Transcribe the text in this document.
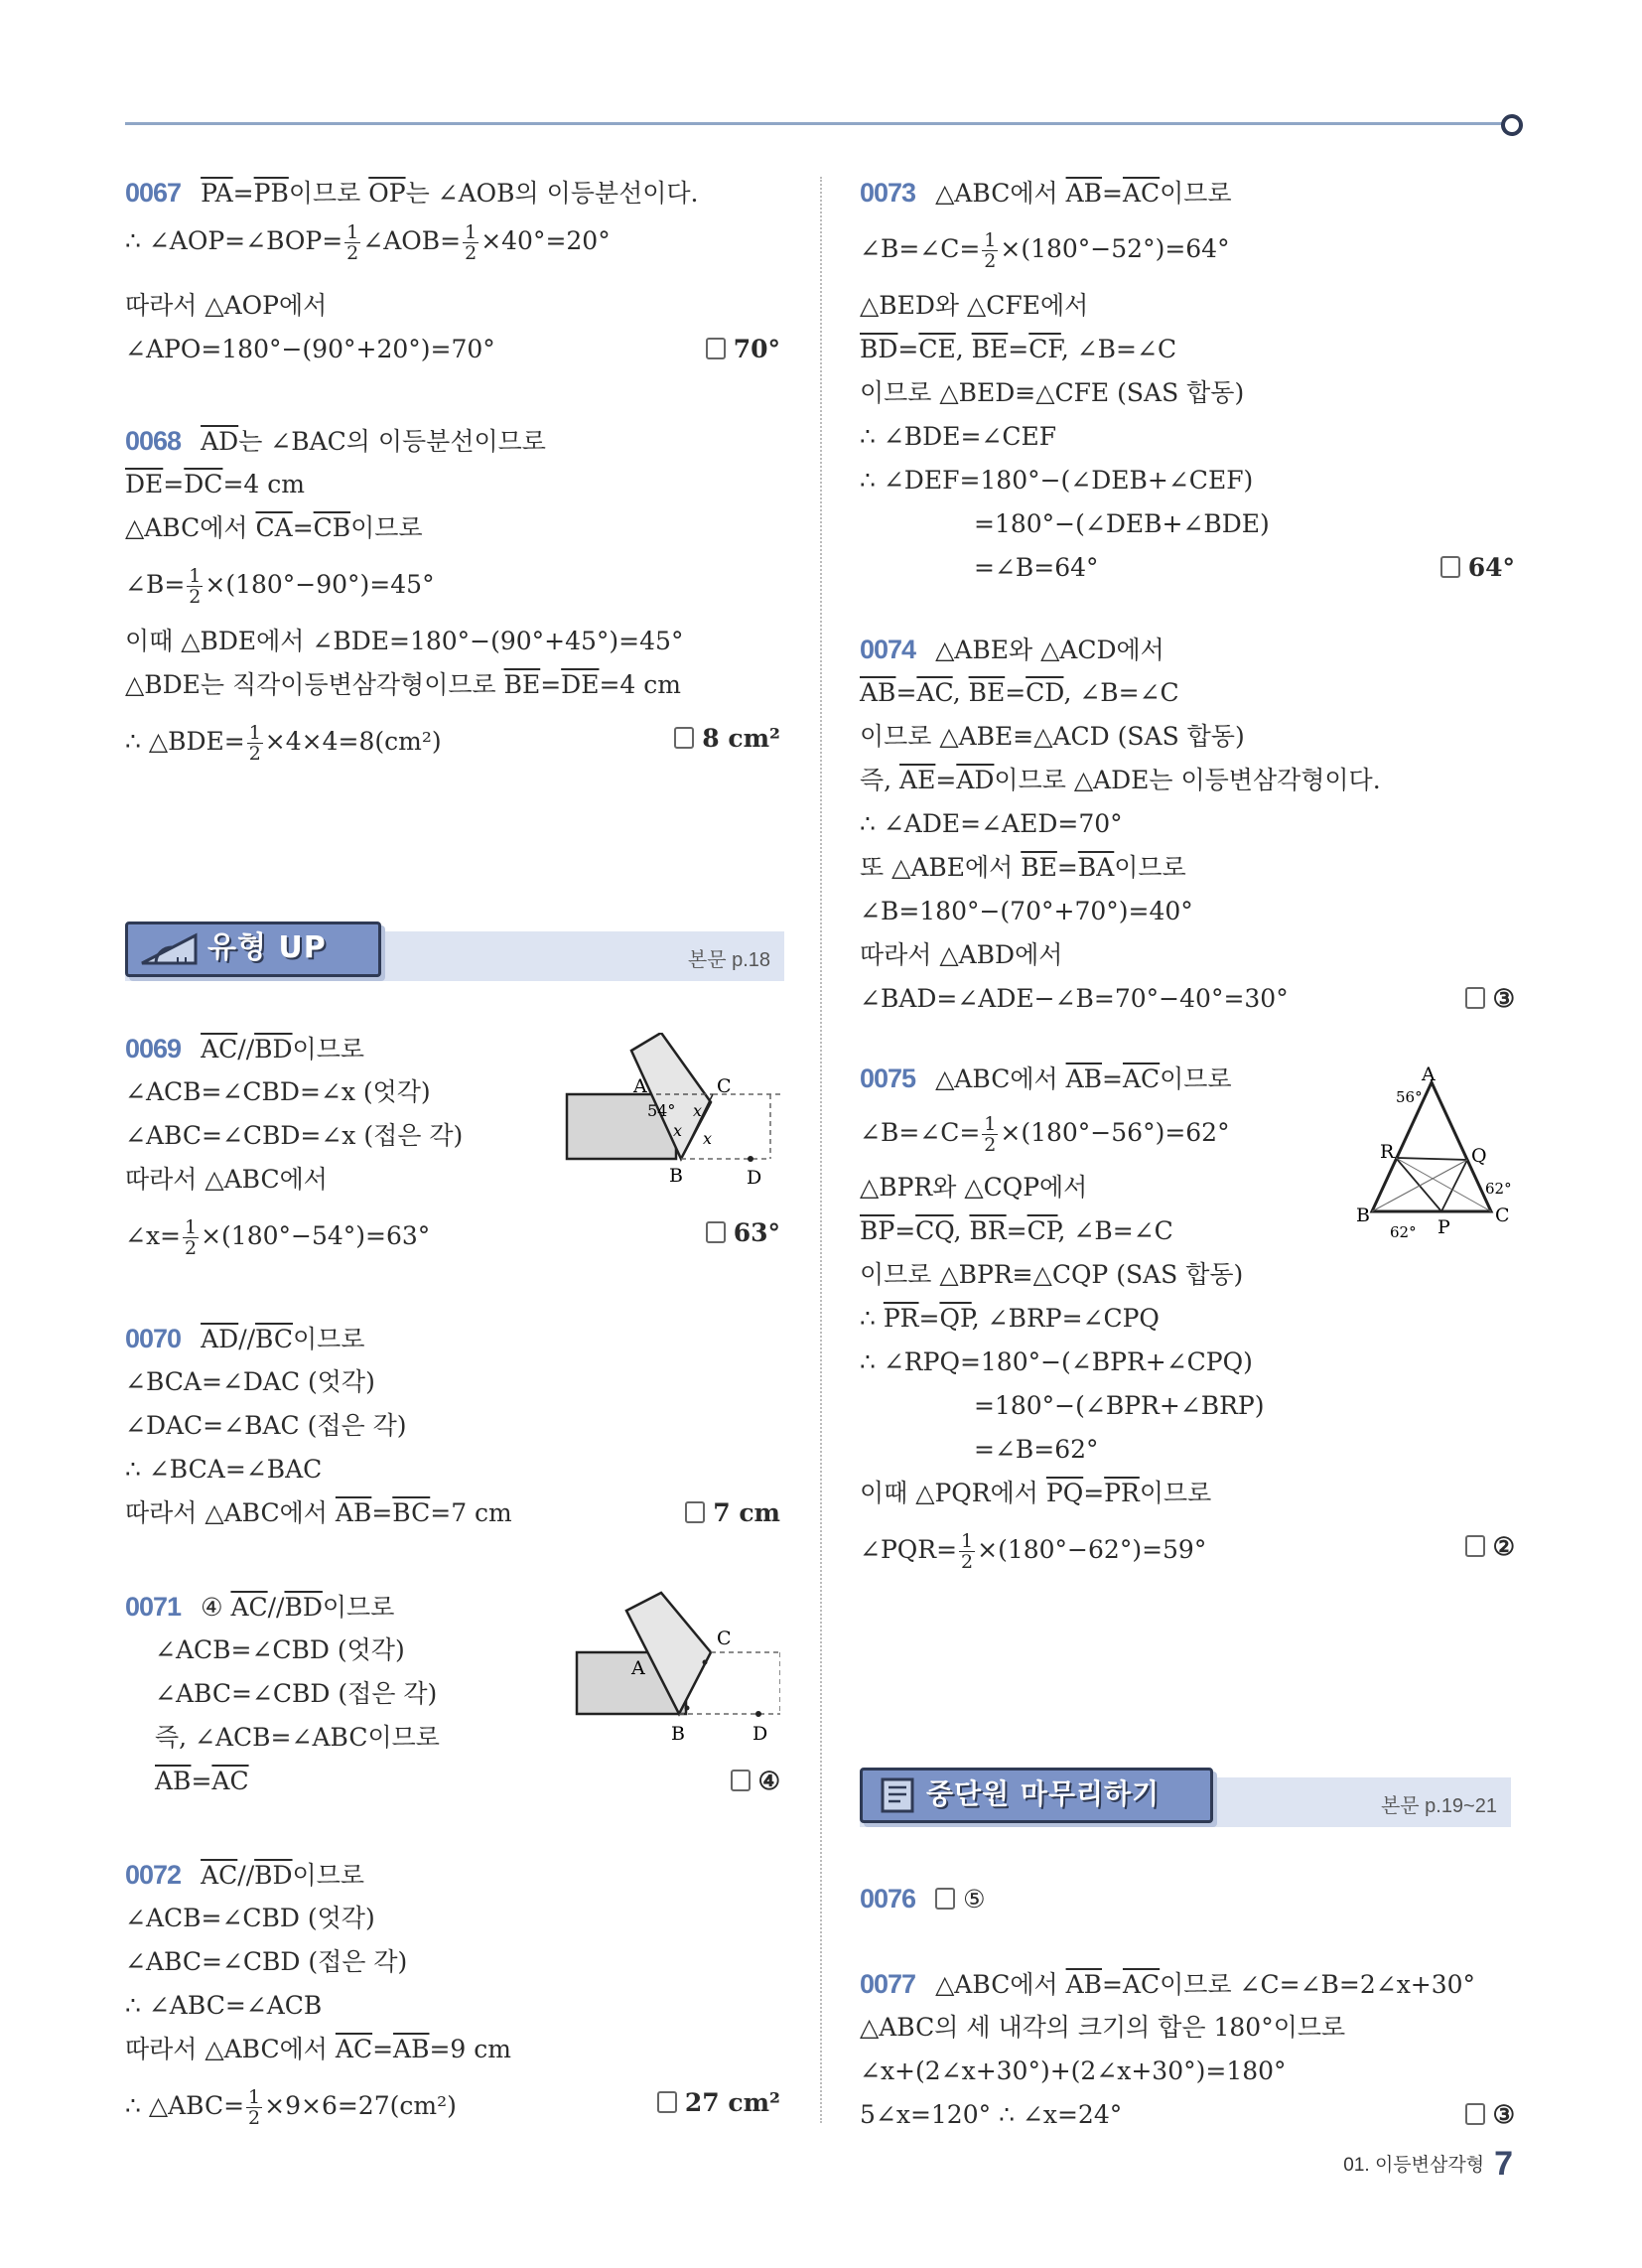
0067 $\overline{PA}=\overline{PB}$이므로 $\overline{OP}$는 ∠AOB의 이등분선이다.
∴ ∠AOP=∠BOP= $\frac{1}{2}$ ∠AOB= $\frac{1}{2} \times 40^\circ=20^\circ$
따라서 △AOP에서
∠APO=180°−(90°+20°)=70°	70°
0068 $\overline{AD}$는 ∠BAC의 이등분선이므로
$\overline{DE}=\overline{DC}=4$ cm
△ABC에서 $\overline{CA}=\overline{CB}$이므로
∠B= $\frac{1}{2} \times(180^\circ-90^\circ)=45^\circ$
이때 △BDE에서 ∠BDE=180°−(90°+45°)=45°
△BDE는 직각이등변삼각형이므로 $\overline{BE}=\overline{DE}=4$ cm
∴ △BDE= $\frac{1}{2} \times 4\times 4=8(cm^2)$	8 cm²
유형 UP	본문 p.18
0069 $\overline{AC}//\overline{BD}$이므로
∠ACB=∠CBD=∠x (엇각)
∠ABC=∠CBD=∠x (접은 각)
따라서 △ABC에서
∠x= $\frac{1}{2} \times(180^\circ-54^\circ)=63^\circ$	63°
A	C
B	D
54° x
x x
0070 $\overline{AD}//\overline{BC}$이므로
∠BCA=∠DAC (엇각)
∠DAC=∠BAC (접은 각)
∴ ∠BCA=∠BAC
따라서 △ABC에서 $\overline{AB}=\overline{BC}=7$ cm	7 cm
0071 ④ $\overline{AC}//\overline{BD}$이므로
∠ACB=∠CBD (엇각)
∠ABC=∠CBD (접은 각)
즉, ∠ACB=∠ABC이므로
$\overline{AB}=\overline{AC}$	④
A
C
B	D
0072 $\overline{AC}//\overline{BD}$이므로
∠ACB=∠CBD (엇각)
∠ABC=∠CBD (접은 각)
∴ ∠ABC=∠ACB
따라서 △ABC에서 $\overline{AC}=\overline{AB}=9$ cm
∴ △ABC= $\frac{1}{2} \times 9\times 6=27(cm^2)$	27 cm²
0073 △ABC에서 $\overline{AB}=\overline{AC}$이므로
∠B=∠C= $\frac{1}{2} \times(180^\circ-52^\circ)=64^\circ$
△BED와 △CFE에서
$\overline{BD}=\overline{CE}$, $\overline{BE}=\overline{CF}$, ∠B=∠C
이므로 △BED≡△CFE (SAS 합동)
∴ ∠BDE=∠CEF
∴ ∠DEF=180°−(∠DEB+∠CEF)
=180°−(∠DEB+∠BDE)
=∠B=64°	64°
0074 △ABE와 △ACD에서
$\overline{AB}=\overline{AC}$, $\overline{BE}=\overline{CD}$, ∠B=∠C
이므로 △ABE≡△ACD (SAS 합동)
즉, $\overline{AE}=\overline{AD}$이므로 △ADE는 이등변삼각형이다.
∴ ∠ADE=∠AED=70°
또 △ABE에서 $\overline{BE}=\overline{BA}$이므로
∠B=180°−(70°+70°)=40°
따라서 △ABD에서
∠BAD=∠ADE−∠B=70°−40°=30°	③
0075 △ABC에서 $\overline{AB}=\overline{AC}$이므로
∠B=∠C= $\frac{1}{2} \times(180^\circ-56^\circ)=62^\circ$
△BPR와 △CQP에서
$\overline{BP}=\overline{CQ}$, $\overline{BR}=\overline{CP}$, ∠B=∠C
이므로 △BPR≡△CQP (SAS 합동)
∴ $\overline{PR}=\overline{QP}$, ∠BRP=∠CPQ
∴ ∠RPQ=180°−(∠BPR+∠CPQ)
=180°−(∠BPR+∠BRP)
=∠B=62°
이때 △PQR에서 $\overline{PQ}=\overline{PR}$이므로
∠PQR= $\frac{1}{2} \times(180^\circ-62^\circ)=59^\circ$	②
A
B	C
P
Q
R
56°
62°
62°
중단원 마무리하기	본문 p.19~21
0076 ⑤
0077 △ABC에서 $\overline{AB}=\overline{AC}$이므로 ∠C=∠B=2∠x+30°
△ABC의 세 내각의 크기의 합은 180°이므로
∠x+(2∠x+30°)+(2∠x+30°)=180°
5∠x=120° ∴ ∠x=24°	③
01. 이등변삼각형 7
